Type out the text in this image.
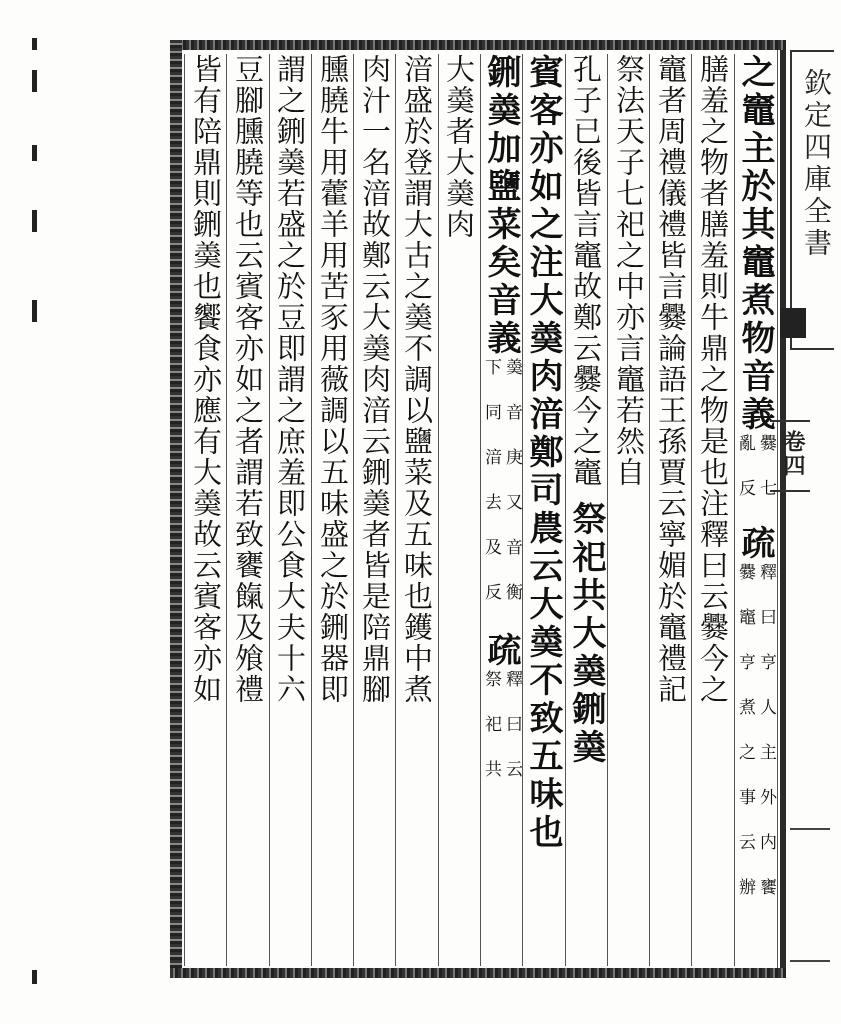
欽定四庫全書
卷四
之竈主於其竈煮物音義
爨七
亂反
疏
釋曰亨人主外内饔
爨竈亨煮之事云辦
膳羞之物者膳羞則牛鼎之物是也注釋曰云爨今之
竈者周禮儀禮皆言爨論語王孫賈云寧媚於竈禮記
祭法天子七祀之中亦言竈若然自
孔子已後皆言竈故鄭云爨今之竈
祭祀共大羮鉶羮
賓客亦如之注大羮肉湆鄭司農云大羮不致五味也
鉶羮加鹽菜矣音義
羮音庚又音衡
下同湆去及反
疏
釋曰云
祭祀共
大羮者大羮肉
湆盛於登謂大古之羮不調以鹽菜及五味也鑊中煮
肉汁一名湆故鄭云大羮肉湆云鉶羮者皆是陪鼎腳
臐膮牛用藿羊用苦豕用薇調以五味盛之於鉶器即
謂之鉶羮若盛之於豆即謂之庶羞即公食大夫十六
豆腳臐膮等也云賓客亦如之者謂若致饔餼及飧禮
皆有陪鼎則鉶羮也饗食亦應有大羮故云賓客亦如
